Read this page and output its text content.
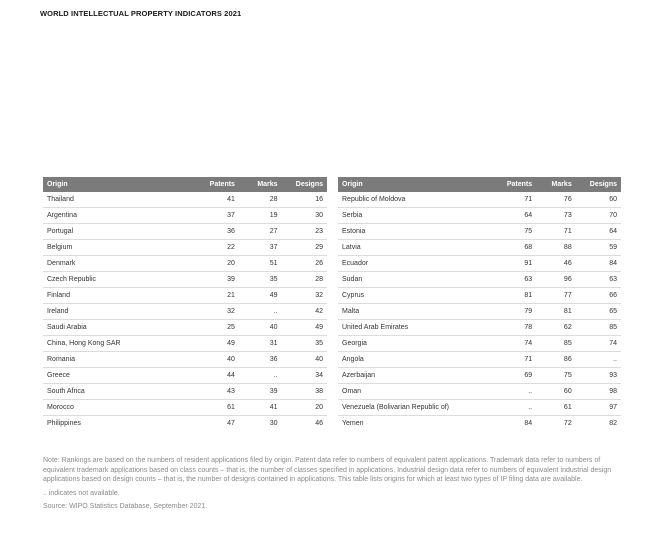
WORLD INTELLECTUAL PROPERTY INDICATORS 2021
Origin	Patents	Marks	Designs
Thailand	41	28	16
Argentina	37	19	30
Portugal	36	27	23
Belgium	22	37	29
Denmark	20	51	26
Czech Republic	39	35	28
Finland	21	49	32
Ireland	32	..	42
Saudi Arabia	25	40	49
China, Hong Kong SAR	49	31	35
Romania	40	36	40
Greece	44	..	34
South Africa	43	39	38
Morocco	61	41	20
Philippines	47	30	46
Origin	Patents	Marks	Designs
Republic of Moldova	71	76	60
Serbia	64	73	70
Estonia	75	71	64
Latvia	68	88	59
Ecuador	91	46	84
Sudan	63	96	63
Cyprus	81	77	66
Malta	79	81	65
United Arab Emirates	78	62	85
Georgia	74	85	74
Angola	71	86	..
Azerbaijan	69	75	93
Oman	..	60	98
Venezuela (Bolivarian Republic of)	..	61	97
Yemen	84	72	82

Note: Rankings are based on the numbers of resident applications filed by origin. Patent data refer to numbers of equivalent patent applications. Trademark data refer to numbers of equivalent trademark applications based on class counts – that is, the number of classes specified in applications. Industrial design data refer to numbers of equivalent industrial design applications based on design counts – that is, the number of designs contained in applications. This table lists origins for which at least two types of IP filing data are available.

.. indicates not available.

Source: WIPO Statistics Database, September 2021.
